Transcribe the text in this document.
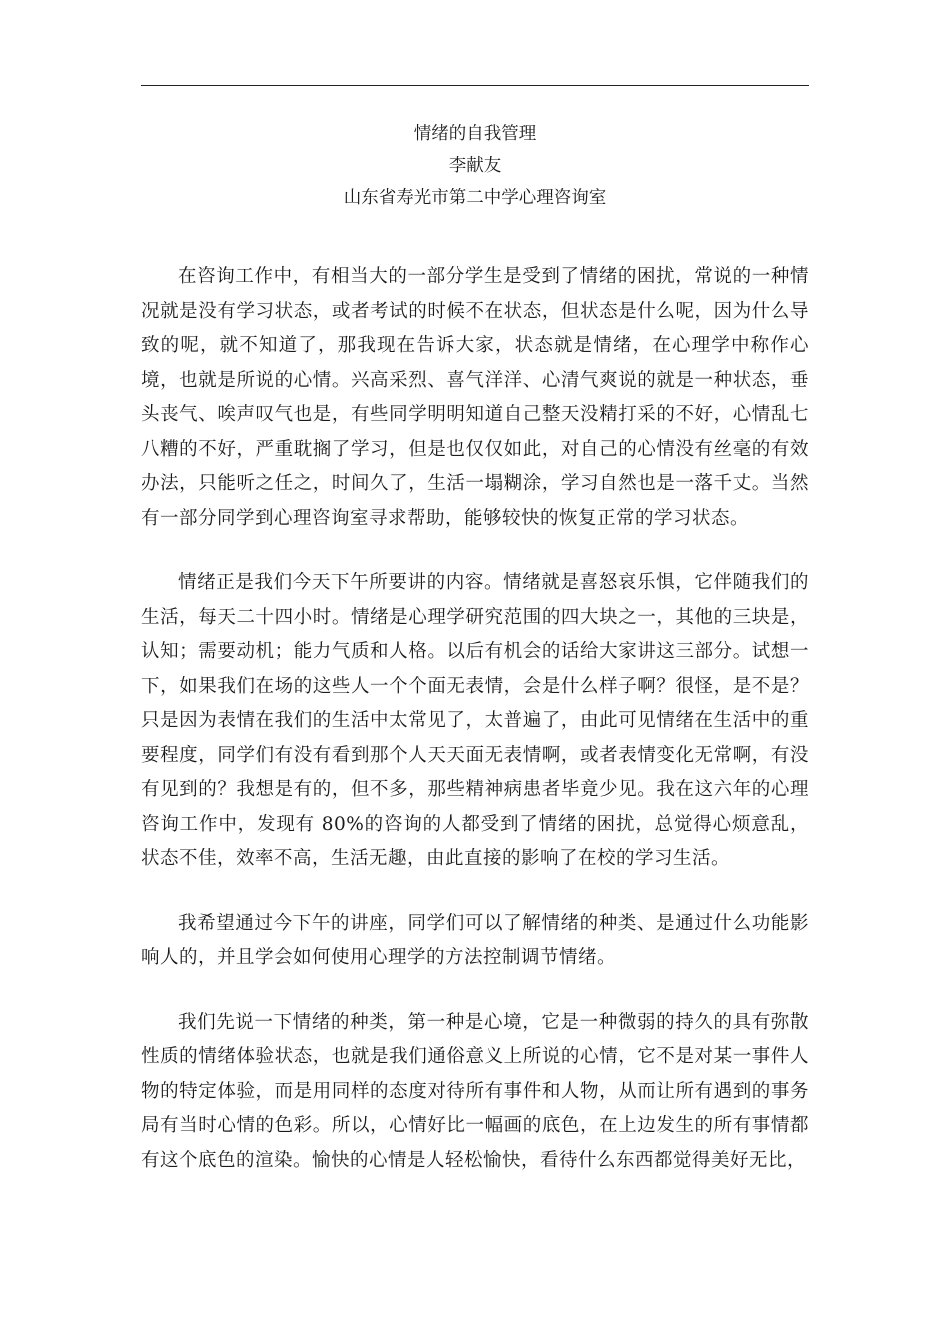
情绪的自我管理
李献友
山东省寿光市第二中学心理咨询室

在咨询工作中，有相当大的一部分学生是受到了情绪的困扰，常说的一种情况就是没有学习状态，或者考试的时候不在状态，但状态是什么呢，因为什么导致的呢，就不知道了，那我现在告诉大家，状态就是情绪，在心理学中称作心境，也就是所说的心情。兴高采烈、喜气洋洋、心清气爽说的就是一种状态，垂头丧气、唉声叹气也是，有些同学明明知道自己整天没精打采的不好，心情乱七八糟的不好，严重耽搁了学习，但是也仅仅如此，对自己的心情没有丝毫的有效办法，只能听之任之，时间久了，生活一塌糊涂，学习自然也是一落千丈。当然有一部分同学到心理咨询室寻求帮助，能够较快的恢复正常的学习状态。

情绪正是我们今天下午所要讲的内容。情绪就是喜怒哀乐惧，它伴随我们的生活，每天二十四小时。情绪是心理学研究范围的四大块之一，其他的三块是，认知；需要动机；能力气质和人格。以后有机会的话给大家讲这三部分。试想一下，如果我们在场的这些人一个个面无表情，会是什么样子啊？很怪，是不是？只是因为表情在我们的生活中太常见了，太普遍了，由此可见情绪在生活中的重要程度，同学们有没有看到那个人天天面无表情啊，或者表情变化无常啊，有没有见到的？我想是有的，但不多，那些精神病患者毕竟少见。我在这六年的心理咨询工作中，发现有 80%的咨询的人都受到了情绪的困扰，总觉得心烦意乱，状态不佳，效率不高，生活无趣，由此直接的影响了在校的学习生活。

我希望通过今下午的讲座，同学们可以了解情绪的种类、是通过什么功能影响人的，并且学会如何使用心理学的方法控制调节情绪。

我们先说一下情绪的种类，第一种是心境，它是一种微弱的持久的具有弥散性质的情绪体验状态，也就是我们通俗意义上所说的心情，它不是对某一事件人物的特定体验，而是用同样的态度对待所有事件和人物，从而让所有遇到的事务局有当时心情的色彩。所以，心情好比一幅画的底色，在上边发生的所有事情都有这个底色的渲染。愉快的心情是人轻松愉快，看待什么东西都觉得美好无比，
